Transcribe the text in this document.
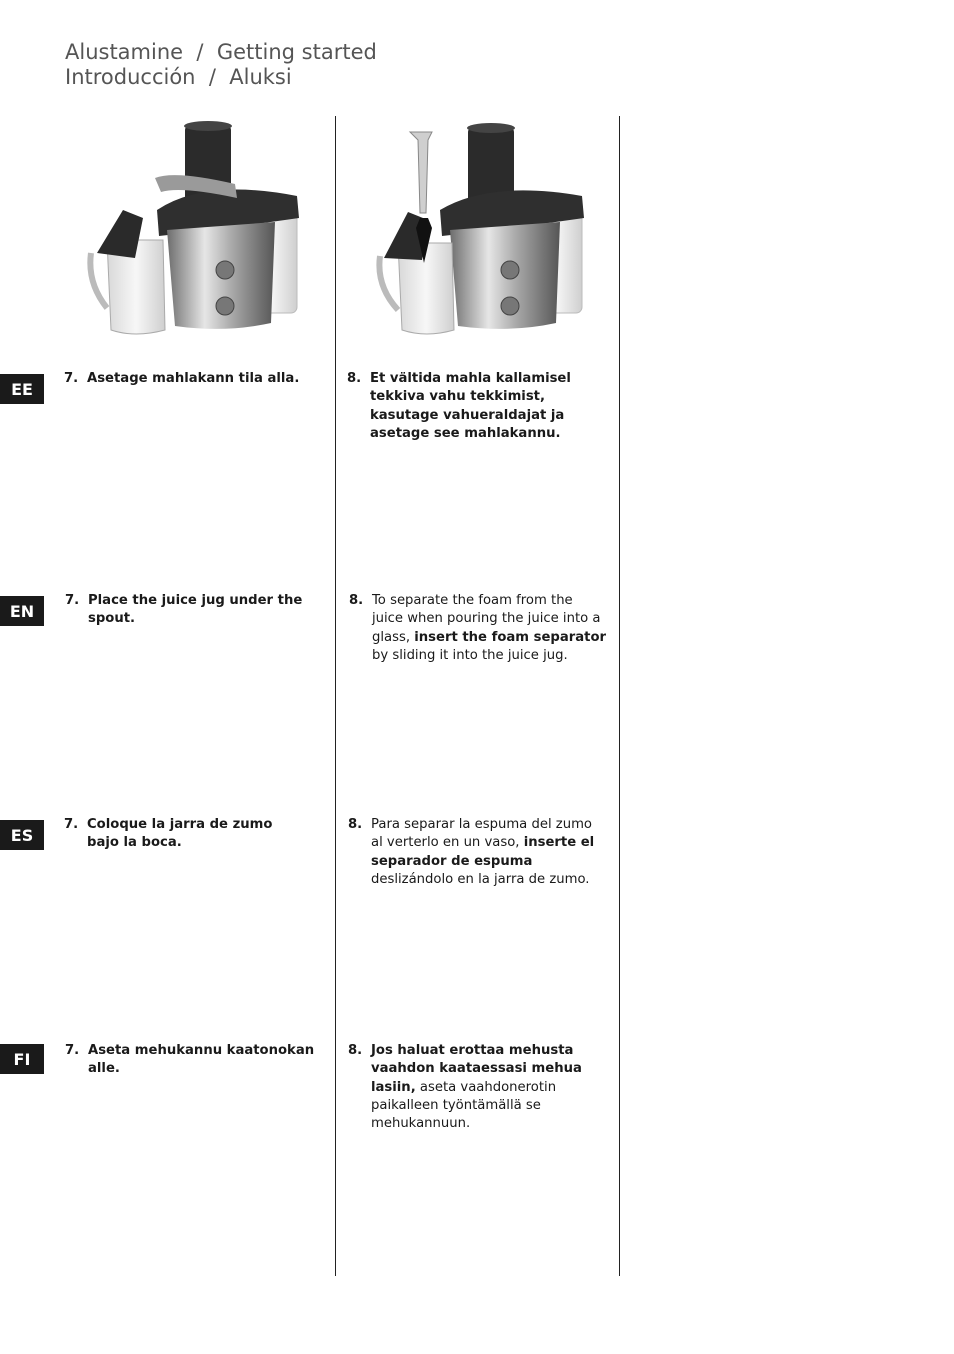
Alustamine  /  Getting started
Introducción  /  Aluksi
EE
7. Asetage mahlakann tila alla.	8. Et vältida mahla kallamisel tekkiva vahu tekkimist, kasutage vahueraldajat ja asetage see mahlakannu.
EN
7. Place the juice jug under the spout.
8. To separate the foam from the juice when pouring the juice into a glass, insert the foam separator by sliding it into the juice jug.
ES
7. Coloque la jarra de zumo bajo la boca.
8. Para separar la espuma del zumo al verterlo en un vaso, inserte el separador de espuma deslizándolo en la jarra de zumo.
FI	7. Aseta mehukannu kaatonokan alle.
8. Jos haluat erottaa mehusta vaahdon kaataessasi mehua lasiin, aseta vaahdonerotin paikalleen työntämällä se mehukannuun.
